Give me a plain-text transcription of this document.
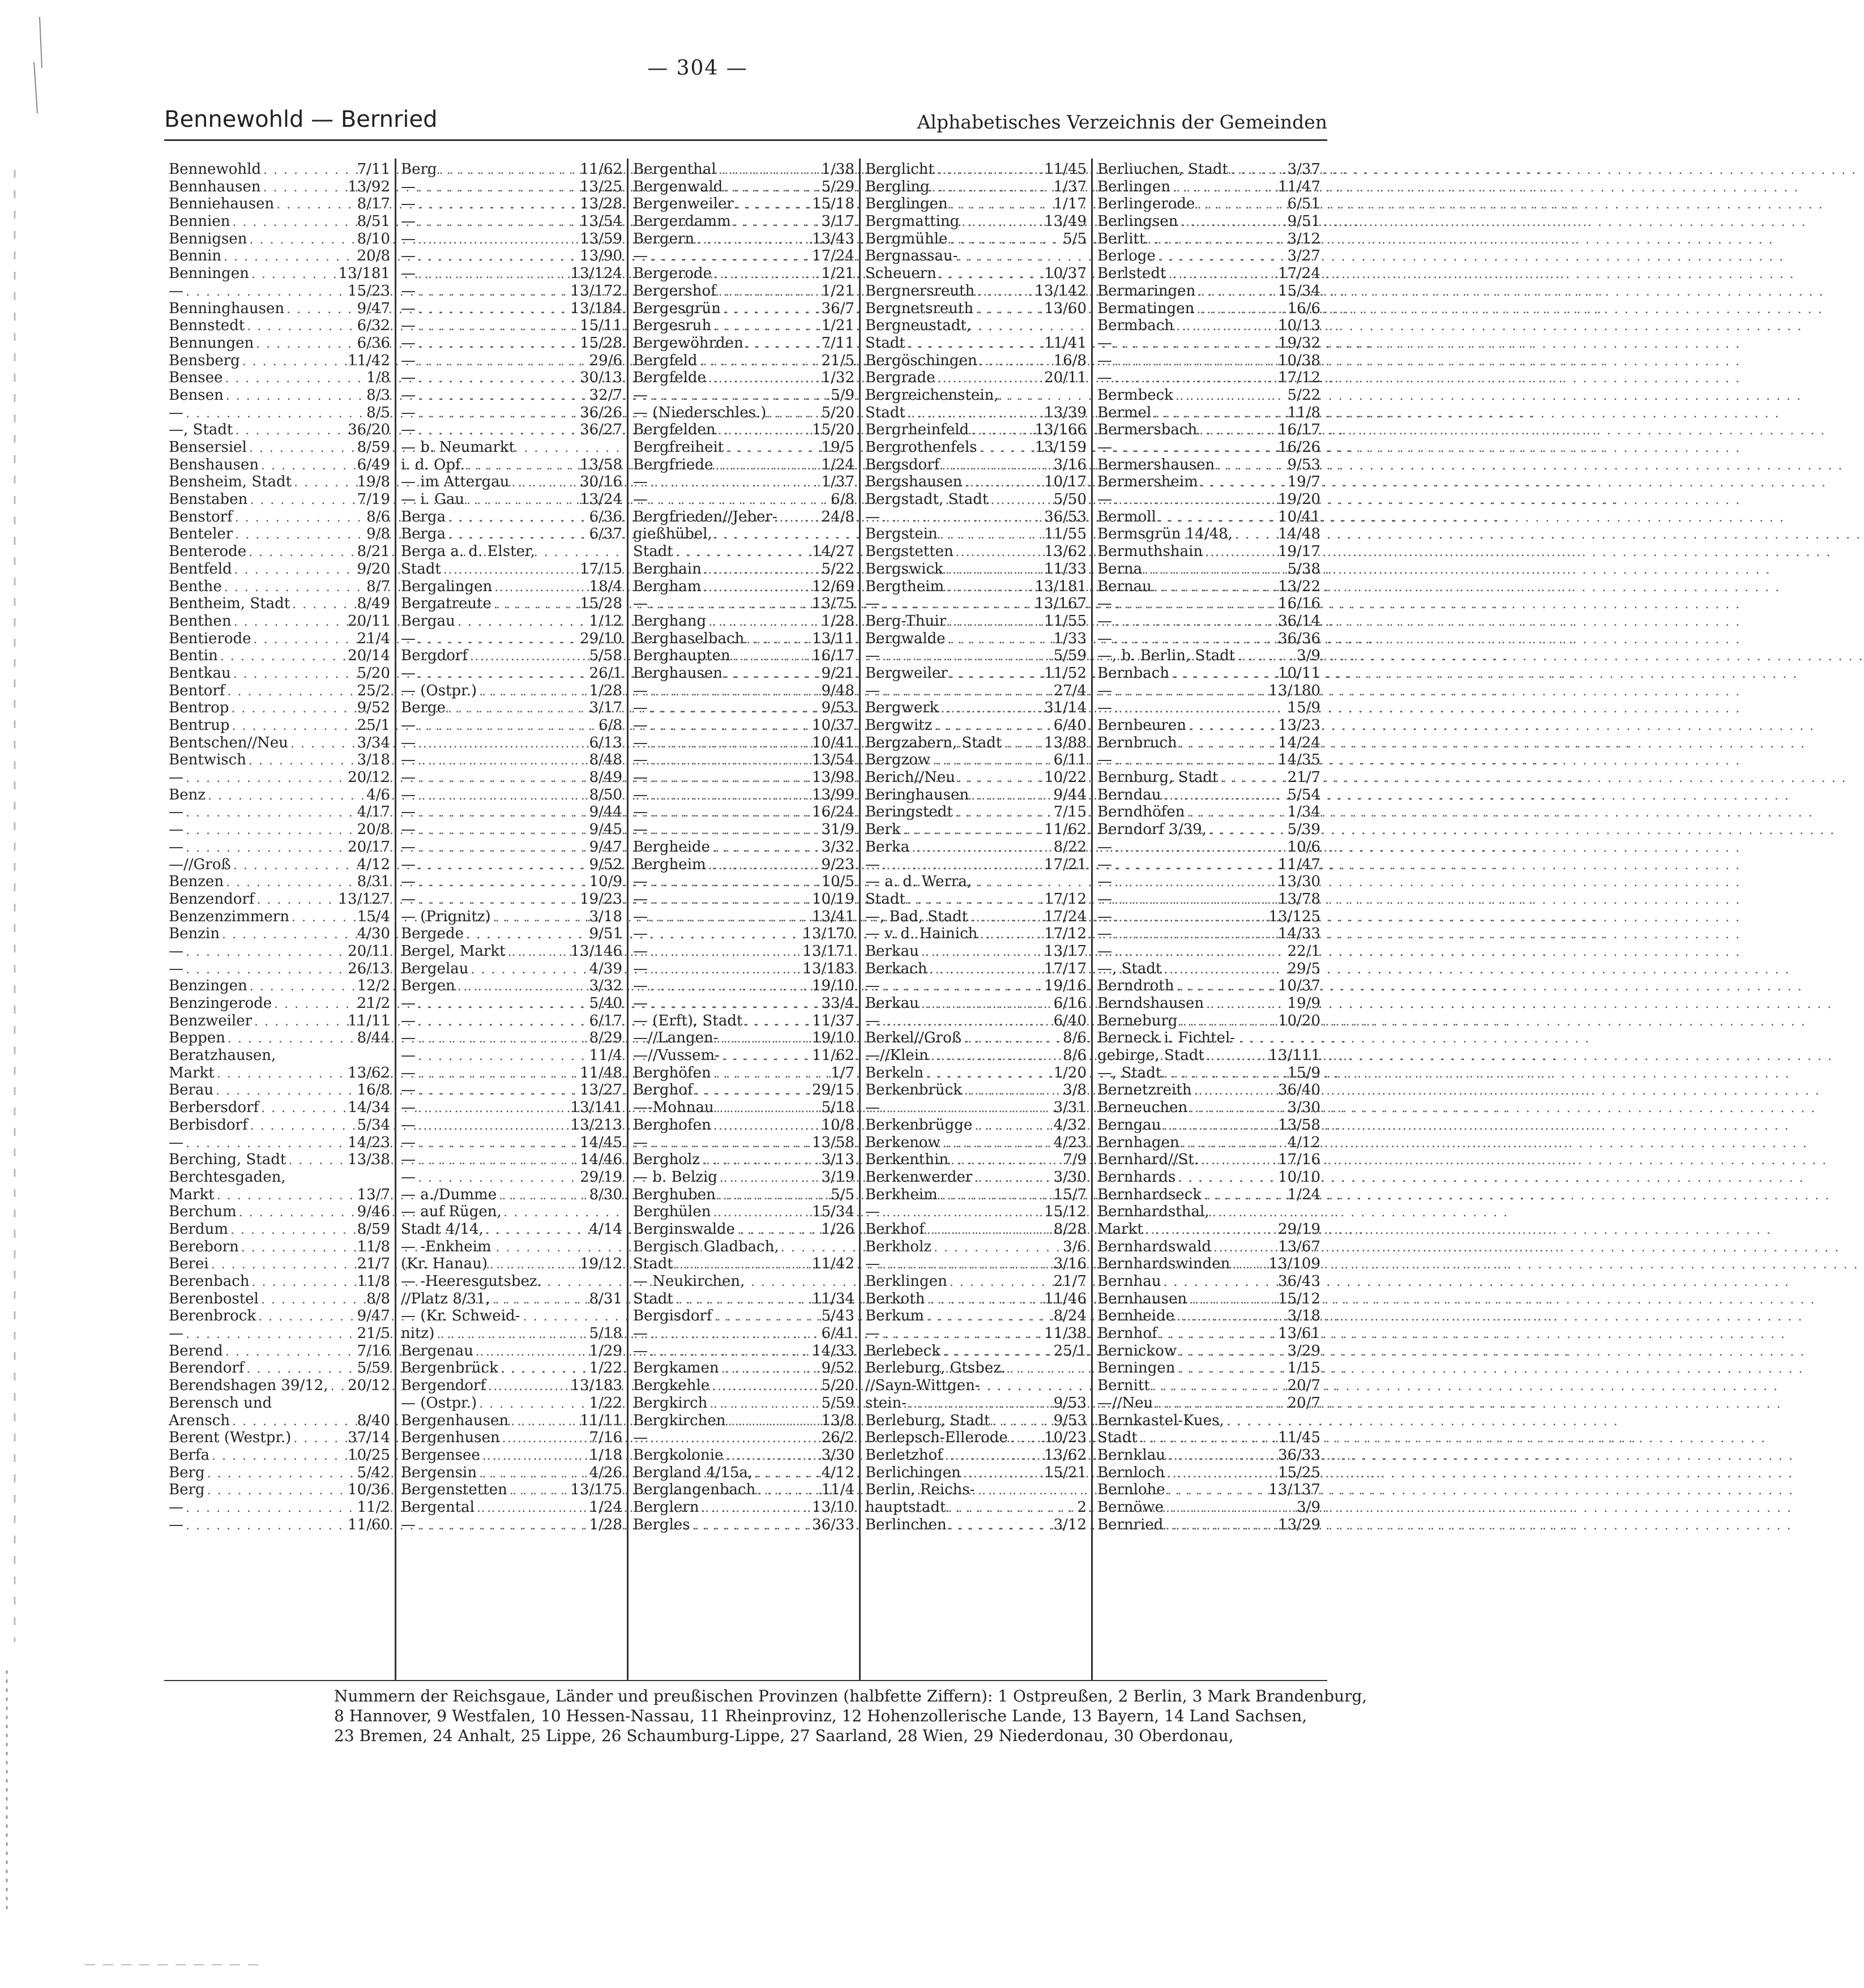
— 304 —
Bennewohld — Bernried	Alphabetisches Verzeichnis der Gemeinden
Bennewohld . . .	7/11
Bennhausen . . .	13/92
Benniehausen . . .	8/17
Bennien . . .	8/51
Bennigsen . . .	8/10
Bennin . . .	20/8
Benningen . . .	13/181
— . . .	15/23
Benninghausen . . .	9/47
Bennstedt . . .	6/32
Bennungen . . .	6/36
Bensberg . . .	11/42
Bensee . . .	1/8
Bensen . . .	8/3
— . . .	8/5
—, Stadt . . .	36/20
Bensersiel . . .	8/59
Benshausen . . .	6/49
Bensheim, Stadt . . .	19/8
Benstaben . . .	7/19
Benstorf . . .	8/6
Benteler . . .	9/8
Benterode . . .	8/21
Bentfeld . . .	9/20
Benthe . . .	8/7
Bentheim, Stadt . . .	8/49
Benthen . . .	20/11
Bentierode . . .	21/4
Bentin . . .	20/14
Bentkau . . .	5/20
Bentorf . . .	25/2
Bentrop . . .	9/52
Bentrup . . .	25/1
Bentschen//Neu . . .	3/34
Bentwisch . . .	3/18
— . . .	20/12
Benz . . .	4/6
— . . .	4/17
— . . .	20/8
— . . .	20/17
—//Groß . . .	4/12
Benzen . . .	8/31
Benzendorf . . .	13/127
Benzenzimmern . . .	15/4
Benzin . . .	4/30
— . . .	20/11
— . . .	26/13
Benzingen . . .	12/2
Benzingerode . . .	21/2
Benzweiler . . .	11/11
Beppen . . .	8/44
Beratzhausen,
Markt . . .	13/62
Berau . . .	16/8
Berbersdorf . . .	14/34
Berbisdorf . . .	5/34
— . . .	14/23
Berching, Stadt . . .	13/38
Berchtesgaden,
Markt . . .	13/7
Berchum . . .	9/46
Berdum . . .	8/59
Bereborn . . .	11/8
Berei . . .	21/7
Berenbach . . .	11/8
Berenbostel . . .	8/8
Berenbrock . . .	9/47
— . . .	21/5
Berend . . .	7/16
Berendorf . . .	5/59
Berendshagen 39/12, . . . 20/12
Berensch und
Arensch . . .	8/40
Berent (Westpr.) . . .	37/14
Berfa . . .	10/25
Berg . . .	5/42
Berg . . .	10/36
— . . .	11/2
— . . .	11/60
Berg . . .	11/62
— . . .	13/25
— . . .	13/28
— . . .	13/54
— . . .	13/59
— . . .	13/90
— . . .	13/124
— . . .	13/172
— . . .	13/184
— . . .	15/11
— . . .	15/28
— . . .	29/6
— . . .	30/13
— . . .	32/7
— . . .	36/26
— . . .	36/27
— b. Neumarkt
i. d. Opf. . . .	13/58
— im Attergau . . .	30/16
— i. Gau . . .	13/24
Berga . . .	6/36
Berga . . .	6/37
Berga a. d. Elster,
Stadt . . .	17/15
Bergalingen . . .	18/4
Bergatreute . . .	15/28
Bergau . . .	1/12
— . . .	29/10
Bergdorf . . .	5/58
— . . .	26/1
— (Ostpr.) . . .	1/28
Berge . . .	3/17
— . . .	6/8
— . . .	6/13
— . . .	8/48
— . . .	8/49
— . . .	8/50
— . . .	9/44
— . . .	9/45
— . . .	9/47
— . . .	9/52
— . . .	10/9
— . . .	19/23
— (Prignitz) . . .	3/18
Bergede . . .	9/51
Bergel, Markt . . .	13/146
Bergelau . . .	4/39
Bergen . . .	3/32
— . . .	5/40
— . . .	6/17
— . . .	8/29
— . . .	11/4
— . . .	11/48
— . . .	13/27
— . . .	13/141
— . . .	13/213
— . . .	14/45
— . . .	14/46
— . . .	29/19
— a./Dumme . . .	8/30
— auf Rügen,
Stadt 4/14, . . .	4/14
— -Enkheim
(Kr. Hanau) . . .	19/12
— -Heeresgutsbez.
//Platz 8/31, . . .	8/31
— (Kr. Schweid-
nitz) . . .	5/18
Bergenau . . .	1/29
Bergenbrück . . .	1/22
Bergendorf . . .	13/183
— (Ostpr.) . . .	1/22
Bergenhausen . . .	11/11
Bergenhusen . . .	7/16
Bergensee . . .	1/18
Bergensin . . .	4/26
Bergenstetten . . .	13/175
Bergental . . .	1/24
— . . .	1/28
Bergenthal . . .	1/38
Bergenwald . . .	5/29
Bergenweiler . . .	15/18
Bergerdamm . . .	3/17
Bergern . . .	13/43
— . . .	17/24
Bergerode . . .	1/21
Bergershof . . .	1/21
Bergesgrün . . .	36/7
Bergesruh . . .	1/21
Bergewöhrden . . .	7/11
Bergfeld . . .	21/5
Bergfelde . . .	1/32
— . . .	5/9
— (Niederschles.) . . .	5/20
Bergfelden . . .	15/20
Bergfreiheit . . .	19/5
Bergfriede . . .	1/24
— . . .	1/37
— . . .	6/8
Bergfrieden//Jeber- . . .	24/8
gießhübel,
Stadt . . .	14/27
Berghain . . .	5/22
Bergham . . .	12/69
— . . .	13/75
Berghang . . .	1/28
Berghaselbach . . .	13/11
Berghaupten . . .	16/17
Berghausen . . .	9/21
— . . .	9/48
— . . .	9/53
— . . .	10/37
— . . .	10/41
— . . .	13/54
— . . .	13/98
— . . .	13/99
— . . .	16/24
— . . .	31/9
Bergheide . . .	3/32
Bergheim . . .	9/23
— . . .	10/5
— . . .	10/19
— . . .	13/41
— . . .	13/170
— . . .	13/171
— . . .	13/183
— . . .	19/10
— . . .	33/4
— (Erft), Stadt . . .	11/37
—//Langen- . . .	19/10
—//Vussem- . . .	11/62
Berghöfen . . .	1/7
Berghof . . .	29/15
—-Mohnau . . .	5/18
Berghofen . . .	10/8
— . . .	13/58
Bergholz . . .	3/13
— b. Belzig . . .	3/19
Berghuben . . .	5/5
Berghülen . . .	15/34
Berginswalde . . .	1/26
Bergisch Gladbach,
Stadt . . .	11/42
— Neukirchen,
Stadt . . .	11/34
Bergisdorf . . .	5/43
— . . .	6/41
— . . .	14/33
Bergkamen . . .	9/52
Bergkehle . . .	5/20
Bergkirch . . .	5/59
Bergkirchen . . .	13/8
— . . .	26/2
Bergkolonie . . .	3/30
Bergland 4/15a, . . .	4/12
Berglangenbach . . .	11/4
Berglern . . .	13/10
Bergles . . .	36/33
Berglicht . . .	11/45
Bergling . . .	1/37
Berglingen . . .	1/17
Bergmatting . . .	13/49
Bergmühle . . .	5/5
Bergnassau-
Scheuern . . .	10/37
Bergnersreuth . . .	13/142
Bergnetsreuth . . .	13/60
Bergneustadt,
Stadt . . .	11/41
Bergöschingen . . .	16/8
Bergrade . . .	20/11
Bergreichenstein,
Stadt . . .	13/39
Bergrheinfeld . . .	13/166
Bergrothenfels . . .	13/159
Bergsdorf . . .	3/16
Bergshausen . . .	10/17
Bergstadt, Stadt . . .	5/50
— . . .	36/53
Bergstein . . .	11/55
Bergstetten . . .	13/62
Bergswick . . .	11/33
Bergtheim . . .	13/181
— . . .	13/167
Berg-Thuir . . .	11/55
Bergwalde . . .	1/33
— . . .	5/59
Bergweiler . . .	11/52
— . . .	27/4
Bergwerk . . .	31/14
Bergwitz . . .	6/40
Bergzabern, Stadt . . .	13/88
Bergzow . . .	6/11
Berich//Neu . . .	10/22
Beringhausen . . .	9/44
Beringstedt . . .	7/15
Berk . . .	11/62
Berka . . .	8/22
— . . .	17/21
— a. d. Werra,
Stadt . . .	17/12
—, Bad, Stadt . . .	17/24
— v. d. Hainich . . .	17/12
Berkau . . .	13/17
Berkach . . .	17/17
— . . .	19/16
Berkau . . .	6/16
— . . .	6/40
Berkel//Groß . . .	8/6
—//Klein . . .	8/6
Berkeln . . .	1/20
Berkenbrück . . .	3/8
— . . .	3/31
Berkenbrügge . . .	4/32
Berkenow . . .	4/23
Berkenthin . . .	7/9
Berkenwerder . . .	3/30
Berkheim . . .	15/7
— . . .	15/12
Berkhof . . .	8/28
Berkholz . . .	3/6
— . . .	3/16
Berklingen . . .	21/7
Berkoth . . .	11/46
Berkum . . .	8/24
— . . .	11/38
Berlebeck . . .	25/1
Berleburg, Gtsbez.
//Sayn-Wittgen-
stein- . . .	9/53
Berleburg, Stadt . . .	9/53
Berlepsch-Ellerode . . . 10/23
Berletzhof . . .	13/62
Berlichingen . . .	15/21
Berlin, Reichs-
hauptstadt . . .	2
Berlinchen . . .	3/12
Berliuchen, Stadt . . .	3/37
Berlingen . . .	11/47
Berlingerode . . .	6/51
Berlingsen . . .	9/51
Berlitt . . .	3/12
Berloge . . .	3/27
Berlstedt . . .	17/24
Bermaringen . . .	15/34
Bermatingen . . .	16/6
Bermbach . . .	10/13
— . . .	19/32
— . . .	10/38
— . . .	17/12
Bermbeck . . .	5/22
Bermel . . .	11/8
Bermersbach . . .	16/17
— . . .	16/26
Bermershausen . . .	9/53
Bermersheim . . .	19/7
— . . .	19/20
Bermoll . . .	10/41
Bermsgrün 14/48, . . .	14/48
Bermuthshain . . .	19/17
Berna . . .	5/38
Bernau . . .	13/22
— . . .	16/16
— . . .	36/14
— . . .	36/36
—, b. Berlin, Stadt . . .	3/9
Bernbach . . .	10/11
— . . .	13/180
— . . .	15/9
Bernbeuren . . .	13/23
Bernbruch . . .	14/24
— . . .	14/35
Bernburg, Stadt . . .	21/7
Berndau . . .	5/54
Berndhöfen . . .	1/34
Berndorf 3/39, . . .	5/39
— . . .	10/6
— . . .	11/47
— . . .	13/30
— . . .	13/78
— . . .	13/125
— . . .	14/33
— . . .	22/1
—, Stadt . . .	29/5
Berndroth . . .	10/37
Berndshausen . . .	19/9
Berneburg . . .	10/20
Berneck i. Fichtel-
gebirge, Stadt . . .	13/111
—, Stadt . . .	15/9
Bernetzreith . . .	36/40
Berneuchen . . .	3/30
Berngau . . .	13/58
Bernhagen . . .	4/12
Bernhard//St. . . .	17/16
Bernhards . . .	10/10
Bernhardseck . . .	1/24
Bernhardsthal,
Markt . . .	29/19
Bernhardswald . . .	13/67
Bernhardswinden . . .	13/109
Bernhau . . .	36/43
Bernhausen . . .	15/12
Bernheide . . .	3/18
Bernhof . . .	13/61
Bernickow . . .	3/29
Berningen . . .	1/15
Bernitt . . .	20/7
—//Neu . . .	20/7
Bernkastel-Kues,
Stadt . . .	11/45
Bernklau . . .	36/33
Bernloch . . .	15/25
Bernlohe . . .	13/137
Bernöwe . . .	3/9
Bernried . . .	13/29
Nummern der Reichsgaue, Länder und preußischen Provinzen (halbfette Ziffern): 1 Ostpreußen, 2 Berlin, 3 Mark Brandenburg,
8 Hannover, 9 Westfalen, 10 Hessen-Nassau, 11 Rheinprovinz, 12 Hohenzollerische Lande, 13 Bayern, 14 Land Sachsen,
23 Bremen, 24 Anhalt, 25 Lippe, 26 Schaumburg-Lippe, 27 Saarland, 28 Wien, 29 Niederdonau, 30 Oberdonau,
